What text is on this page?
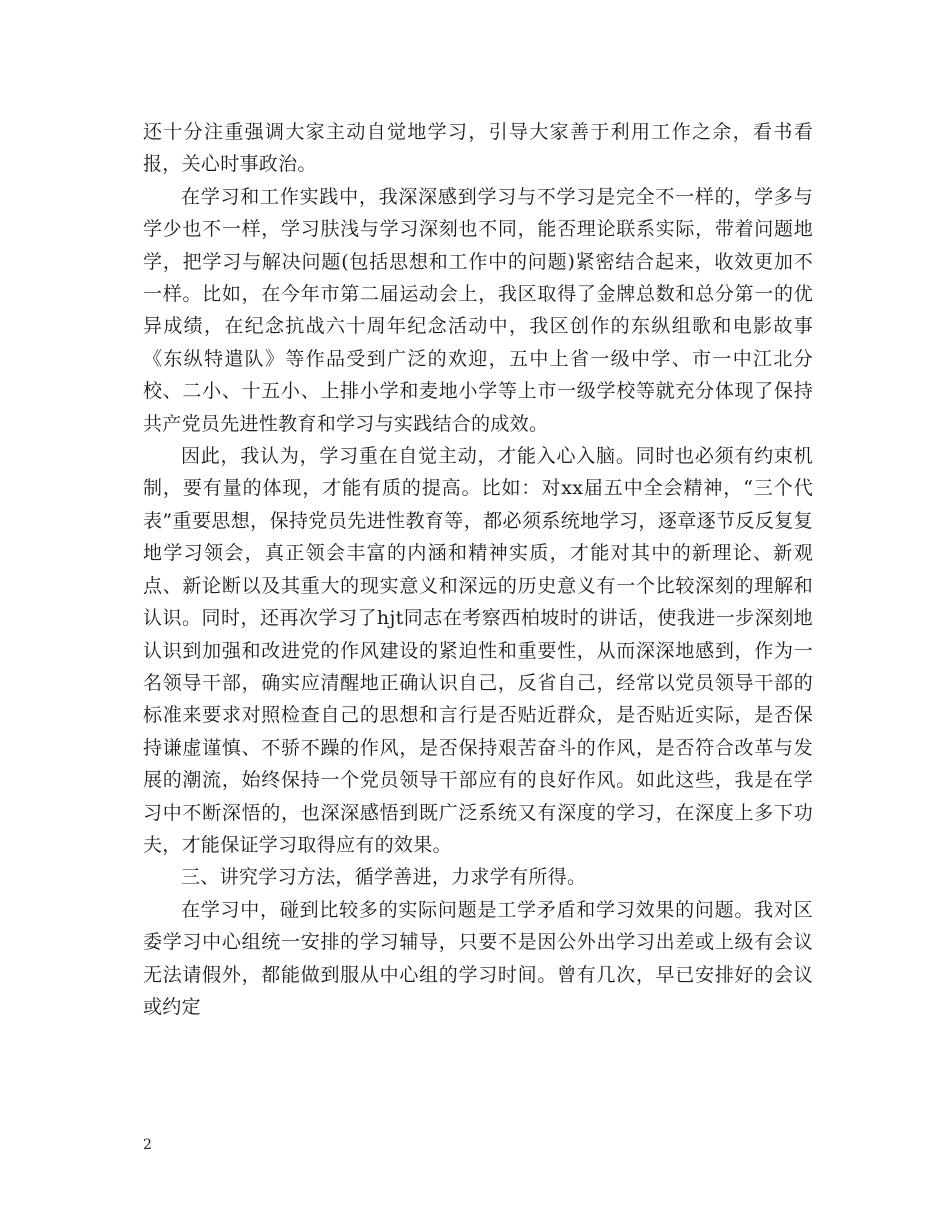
还十分注重强调大家主动自觉地学习，引导大家善于利用工作之余，看书看报，关心时事政治。

在学习和工作实践中，我深深感到学习与不学习是完全不一样的，学多与学少也不一样，学习肤浅与学习深刻也不同，能否理论联系实际，带着问题地学，把学习与解决问题(包括思想和工作中的问题)紧密结合起来，收效更加不一样。比如，在今年市第二届运动会上，我区取得了金牌总数和总分第一的优异成绩，在纪念抗战六十周年纪念活动中，我区创作的东纵组歌和电影故事《东纵特遣队》等作品受到广泛的欢迎，五中上省一级中学、市一中江北分校、二小、十五小、上排小学和麦地小学等上市一级学校等就充分体现了保持共产党员先进性教育和学习与实践结合的成效。

因此，我认为，学习重在自觉主动，才能入心入脑。同时也必须有约束机制，要有量的体现，才能有质的提高。比如：对xx届五中全会精神，“三个代表”重要思想，保持党员先进性教育等，都必须系统地学习，逐章逐节反反复复地学习领会，真正领会丰富的内涵和精神实质，才能对其中的新理论、新观点、新论断以及其重大的现实意义和深远的历史意义有一个比较深刻的理解和认识。同时，还再次学习了hjt同志在考察西柏坡时的讲话，使我进一步深刻地认识到加强和改进党的作风建设的紧迫性和重要性，从而深深地感到，作为一名领导干部，确实应清醒地正确认识自己，反省自己，经常以党员领导干部的标准来要求对照检查自己的思想和言行是否贴近群众，是否贴近实际，是否保持谦虚谨慎、不骄不躁的作风，是否保持艰苦奋斗的作风，是否符合改革与发展的潮流，始终保持一个党员领导干部应有的良好作风。如此这些，我是在学习中不断深悟的，也深深感悟到既广泛系统又有深度的学习，在深度上多下功夫，才能保证学习取得应有的效果。

三、讲究学习方法，循学善进，力求学有所得。

在学习中，碰到比较多的实际问题是工学矛盾和学习效果的问题。我对区委学习中心组统一安排的学习辅导，只要不是因公外出学习出差或上级有会议无法请假外，都能做到服从中心组的学习时间。曾有几次，早已安排好的会议或约定

2
